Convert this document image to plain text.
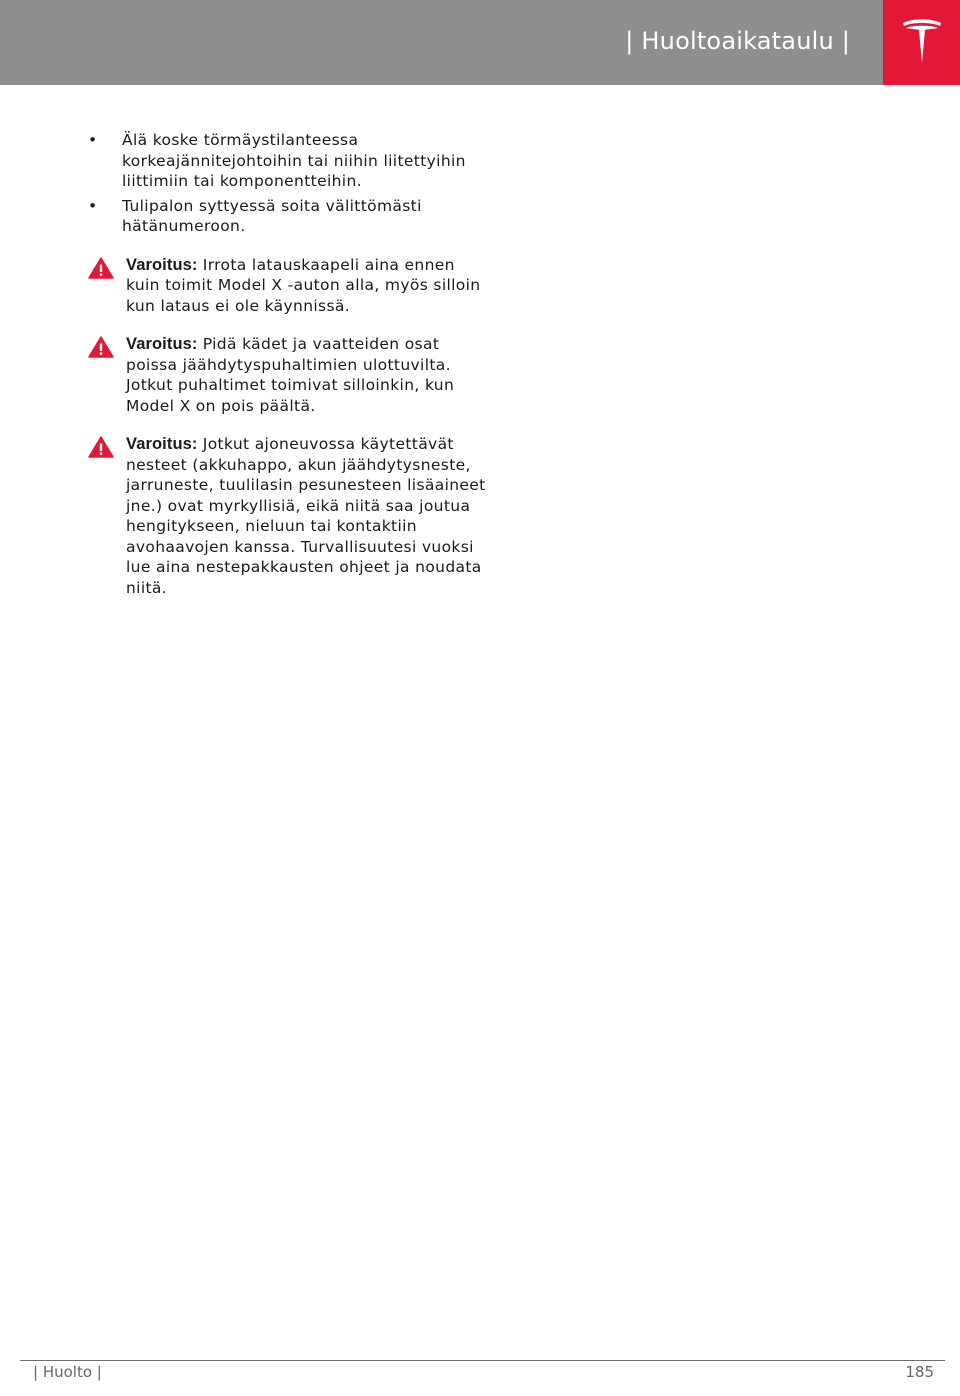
| Huoltoaikataulu |
• Älä koske törmäystilanteessa korkeajännitejohtoihin tai niihin liitettyihin liittimiin tai komponentteihin.
• Tulipalon syttyessä soita välittömästi hätänumeroon.
Varoitus: Irrota latauskaapeli aina ennen kuin toimit Model X -auton alla, myös silloin kun lataus ei ole käynnissä.
Varoitus: Pidä kädet ja vaatteiden osat poissa jäähdytyspuhaltimien ulottuvilta. Jotkut puhaltimet toimivat silloinkin, kun Model X on pois päältä.
Varoitus: Jotkut ajoneuvossa käytettävät nesteet (akkuhappo, akun jäähdytysneste, jarruneste, tuulilasin pesunesteen lisäaineet jne.) ovat myrkyllisiä, eikä niitä saa joutua hengitykseen, nieluun tai kontaktiin avohaavojen kanssa. Turvallisuutesi vuoksi lue aina nestepakkausten ohjeet ja noudata niitä.
| Huolto |	185
